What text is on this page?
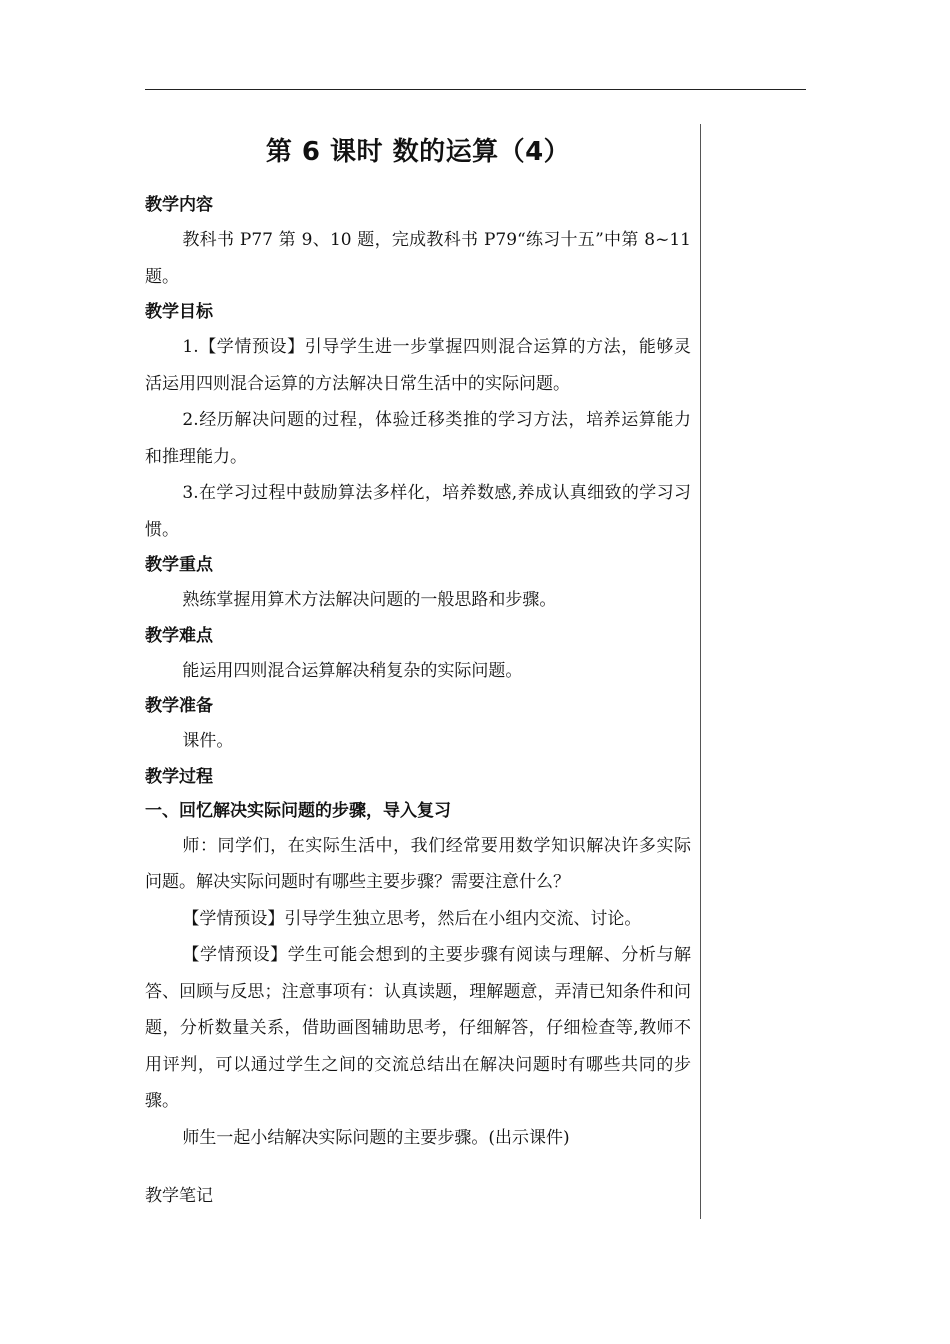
第 6 课时 数的运算（4）
教学内容

教科书 P77 第 9、10 题，完成教科书 P79“练习十五”中第 8~11 题。

教学目标

1.【学情预设】引导学生进一步掌握四则混合运算的方法，能够灵活运用四则混合运算的方法解决日常生活中的实际问题。

2.经历解决问题的过程，体验迁移类推的学习方法，培养运算能力和推理能力。

3.在学习过程中鼓励算法多样化，培养数感,养成认真细致的学习习惯。

教学重点

熟练掌握用算术方法解决问题的一般思路和步骤。

教学难点

能运用四则混合运算解决稍复杂的实际问题。

教学准备

课件。

教学过程
一、回忆解决实际问题的步骤，导入复习

师：同学们，在实际生活中，我们经常要用数学知识解决许多实际问题。解决实际问题时有哪些主要步骤？需要注意什么？

【学情预设】引导学生独立思考，然后在小组内交流、讨论。

【学情预设】学生可能会想到的主要步骤有阅读与理解、分析与解答、回顾与反思；注意事项有：认真读题，理解题意，弄清已知条件和问题，分析数量关系，借助画图辅助思考，仔细解答，仔细检查等,教师不用评判，可以通过学生之间的交流总结出在解决问题时有哪些共同的步骤。

师生一起小结解决实际问题的主要步骤。(出示课件)

教学笔记
